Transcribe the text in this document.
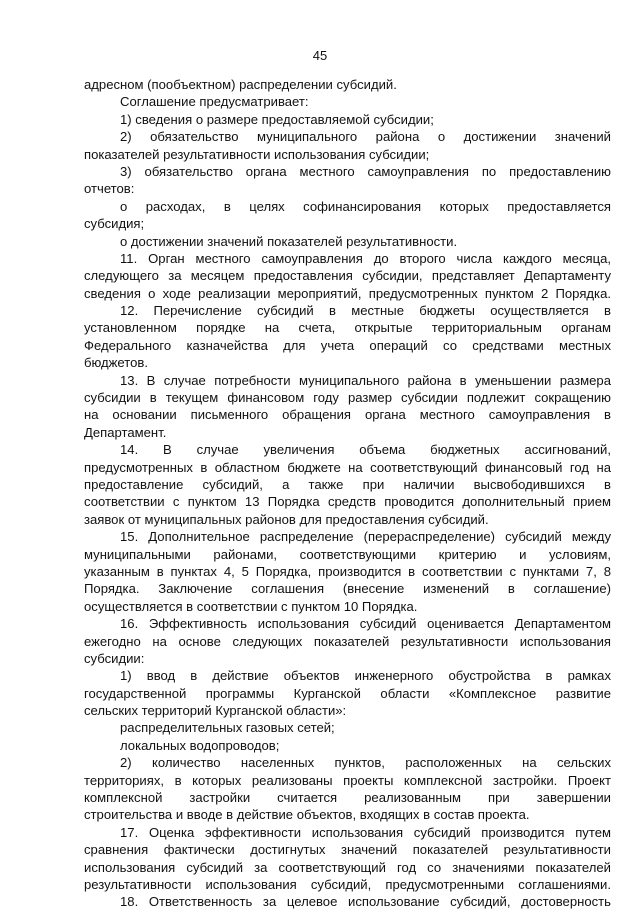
45
адресном (пообъектном) распределении субсидий.
Соглашение предусматривает:
1) сведения о размере предоставляемой субсидии;
2) обязательство муниципального района о достижении значений
показателей результативности использования субсидии;
3) обязательство органа местного самоуправления по предоставлению
отчетов:
о расходах, в целях софинансирования которых предоставляется
субсидия;
о достижении значений показателей результативности.
11. Орган местного самоуправления до второго числа каждого месяца,
следующего за месяцем предоставления субсидии, представляет Департаменту
сведения о ходе реализации мероприятий, предусмотренных пунктом 2 Порядка.
12. Перечисление субсидий в местные бюджеты осуществляется в
установленном порядке на счета, открытые территориальным органам
Федерального казначейства для учета операций со средствами местных
бюджетов.
13. В случае потребности муниципального района в уменьшении размера
субсидии в текущем финансовом году размер субсидии подлежит сокращению
на основании письменного обращения органа местного самоуправления в
Департамент.
14. В случае увеличения объема бюджетных ассигнований,
предусмотренных в областном бюджете на соответствующий финансовый год на
предоставление субсидий, а также при наличии высвободившихся в
соответствии с пунктом 13 Порядка средств проводится дополнительный прием
заявок от муниципальных районов для предоставления субсидий.
15. Дополнительное распределение (перераспределение) субсидий между
муниципальными районами, соответствующими критерию и условиям,
указанным в пунктах 4, 5 Порядка, производится в соответствии с пунктами 7, 8
Порядка. Заключение соглашения (внесение изменений в соглашение)
осуществляется в соответствии с пунктом 10 Порядка.
16. Эффективность использования субсидий оценивается Департаментом
ежегодно на основе следующих показателей результативности использования
субсидии:
1) ввод в действие объектов инженерного обустройства в рамках
государственной программы Курганской области «Комплексное развитие
сельских территорий Курганской области»:
распределительных газовых сетей;
локальных водопроводов;
2) количество населенных пунктов, расположенных на сельских
территориях, в которых реализованы проекты комплексной застройки. Проект
комплексной застройки считается реализованным при завершении
строительства и вводе в действие объектов, входящих в состав проекта.
17. Оценка эффективности использования субсидий производится путем
сравнения фактически достигнутых значений показателей результативности
использования субсидий за соответствующий год со значениями показателей
результативности использования субсидий, предусмотренными соглашениями.
18. Ответственность за целевое использование субсидий, достоверность
